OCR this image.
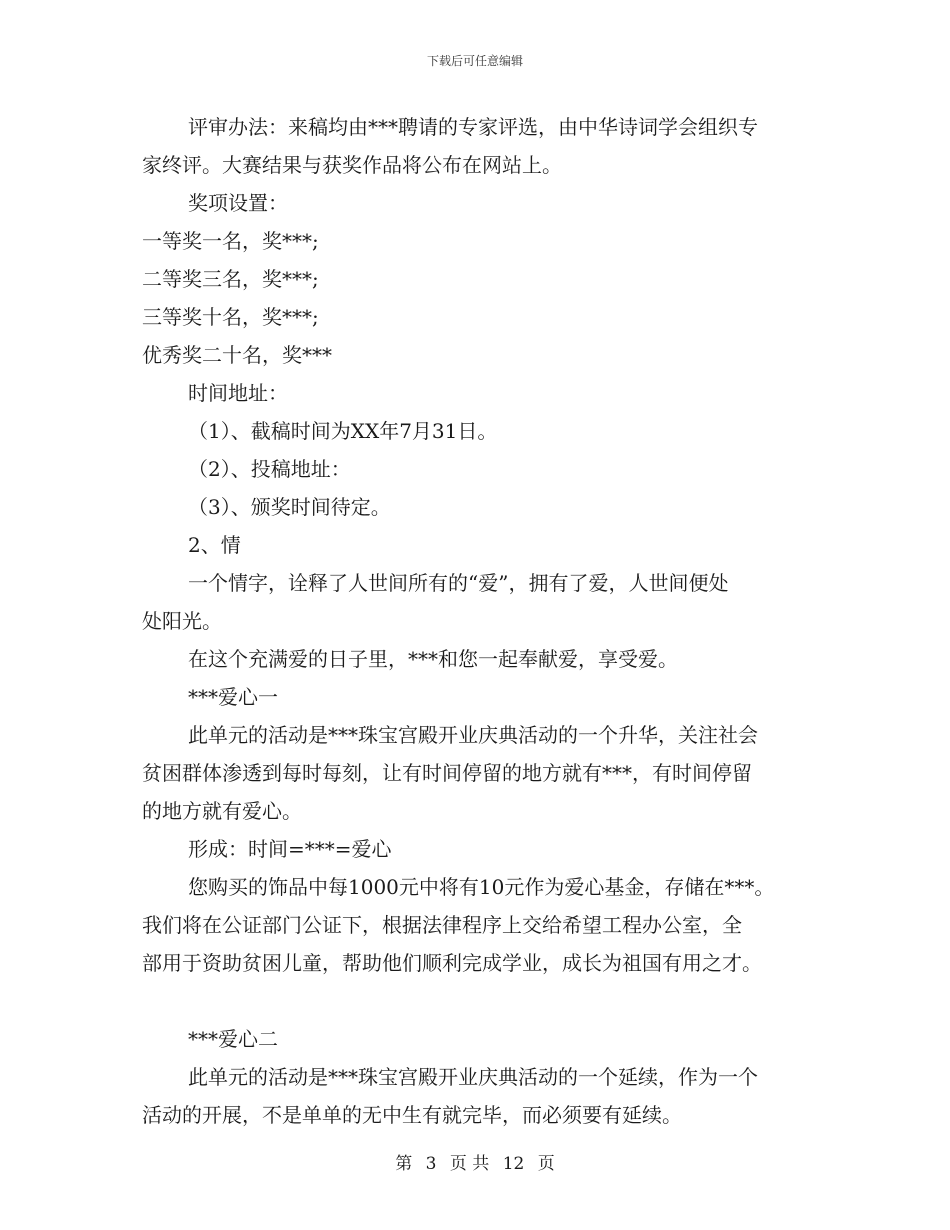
下载后可任意编辑
评审办法：来稿均由***聘请的专家评选，由中华诗词学会组织专
家终评。大赛结果与获奖作品将公布在网站上。
奖项设置：
一等奖一名，奖***;
二等奖三名，奖***;
三等奖十名，奖***;
优秀奖二十名，奖***
时间地址：
（1）、截稿时间为XX年7月31日。
（2）、投稿地址：
（3）、颁奖时间待定。
2、情
一个情字，诠释了人世间所有的“爱”，拥有了爱，人世间便处
处阳光。
在这个充满爱的日子里，***和您一起奉献爱，享受爱。
***爱心一
此单元的活动是***珠宝宫殿开业庆典活动的一个升华，关注社会
贫困群体渗透到每时每刻，让有时间停留的地方就有***，有时间停留
的地方就有爱心。
形成：时间=***=爱心
您购买的饰品中每1000元中将有10元作为爱心基金，存储在***。
我们将在公证部门公证下，根据法律程序上交给希望工程办公室，全
部用于资助贫困儿童，帮助他们顺利完成学业，成长为祖国有用之才。
***爱心二
此单元的活动是***珠宝宫殿开业庆典活动的一个延续，作为一个
活动的开展，不是单单的无中生有就完毕，而必须要有延续。
第 3 页 共 12 页
